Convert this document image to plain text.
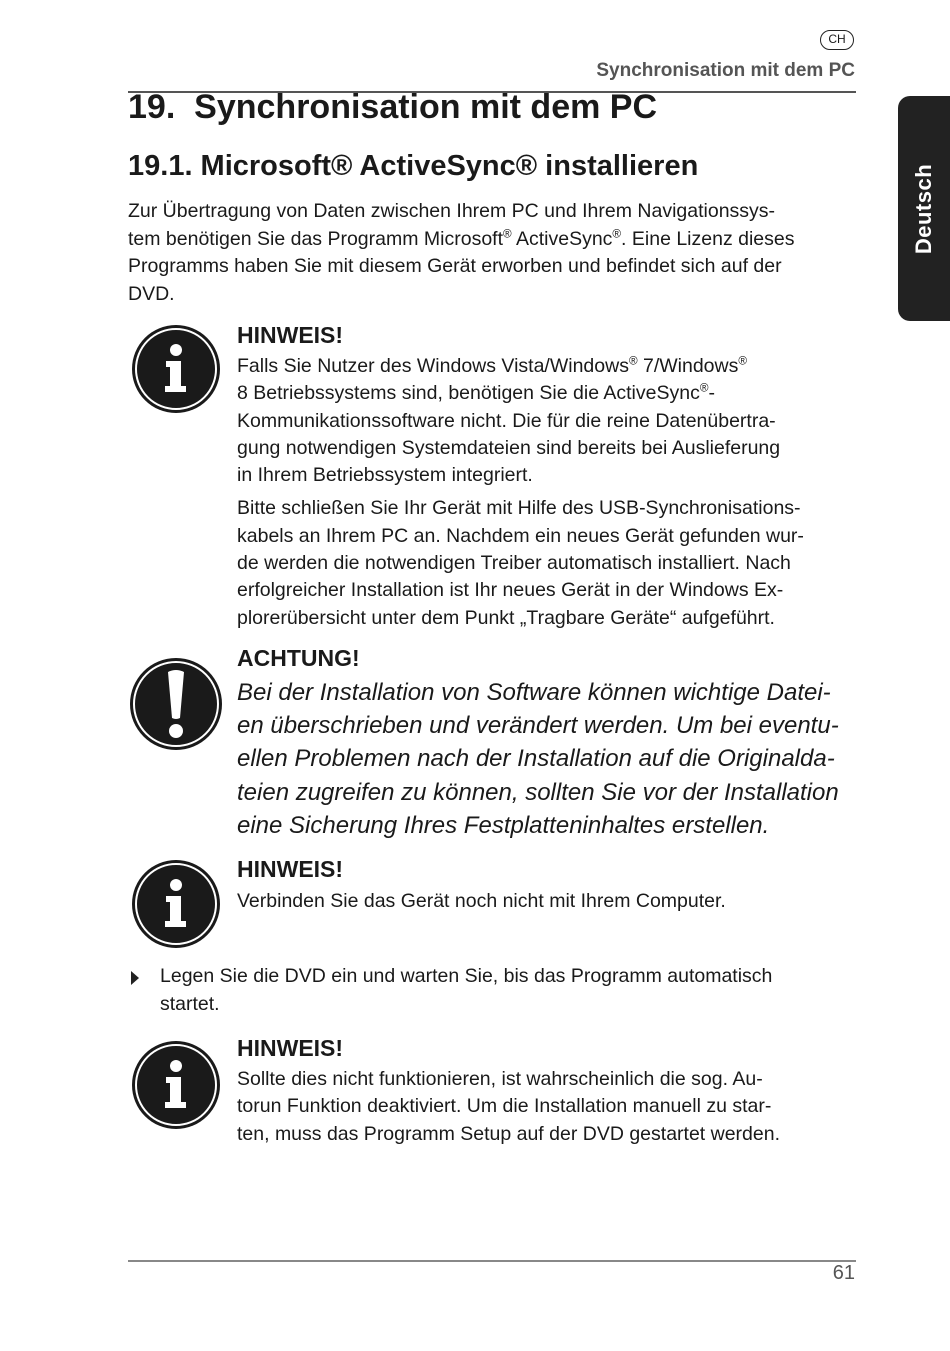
CH
Synchronisation mit dem PC
Deutsch
19. Synchronisation mit dem PC
19.1. Microsoft® ActiveSync® installieren
Zur Übertragung von Daten zwischen Ihrem PC und Ihrem Navigationssys-
tem benötigen Sie das Programm Microsoft® ActiveSync®. Eine Lizenz dieses
Programms haben Sie mit diesem Gerät erworben und befindet sich auf der
DVD.
HINWEIS!

Falls Sie Nutzer des Windows Vista/Windows® 7/Windows®
8 Betriebssystems sind, benötigen Sie die ActiveSync®-
Kommunikationssoftware nicht. Die für die reine Datenübertra-
gung notwendigen Systemdateien sind bereits bei Auslieferung
in Ihrem Betriebssystem integriert.

Bitte schließen Sie Ihr Gerät mit Hilfe des USB-Synchronisations-
kabels an Ihrem PC an. Nachdem ein neues Gerät gefunden wur-
de werden die notwendigen Treiber automatisch installiert. Nach
erfolgreicher Installation ist Ihr neues Gerät in der Windows Ex-
plorerübersicht unter dem Punkt „Tragbare Geräte“ aufgeführt.

ACHTUNG!
Bei der Installation von Software können wichtige Datei-
en überschrieben und verändert werden. Um bei eventu-
ellen Problemen nach der Installation auf die Originalda-
teien zugreifen zu können, sollten Sie vor der Installation
eine Sicherung Ihres Festplatteninhaltes erstellen.
HINWEIS!
Verbinden Sie das Gerät noch nicht mit Ihrem Computer.
Legen Sie die DVD ein und warten Sie, bis das Programm automatisch
startet.
HINWEIS!
Sollte dies nicht funktionieren, ist wahrscheinlich die sog. Au-
torun Funktion deaktiviert. Um die Installation manuell zu star-
ten, muss das Programm Setup auf der DVD gestartet werden.
61
